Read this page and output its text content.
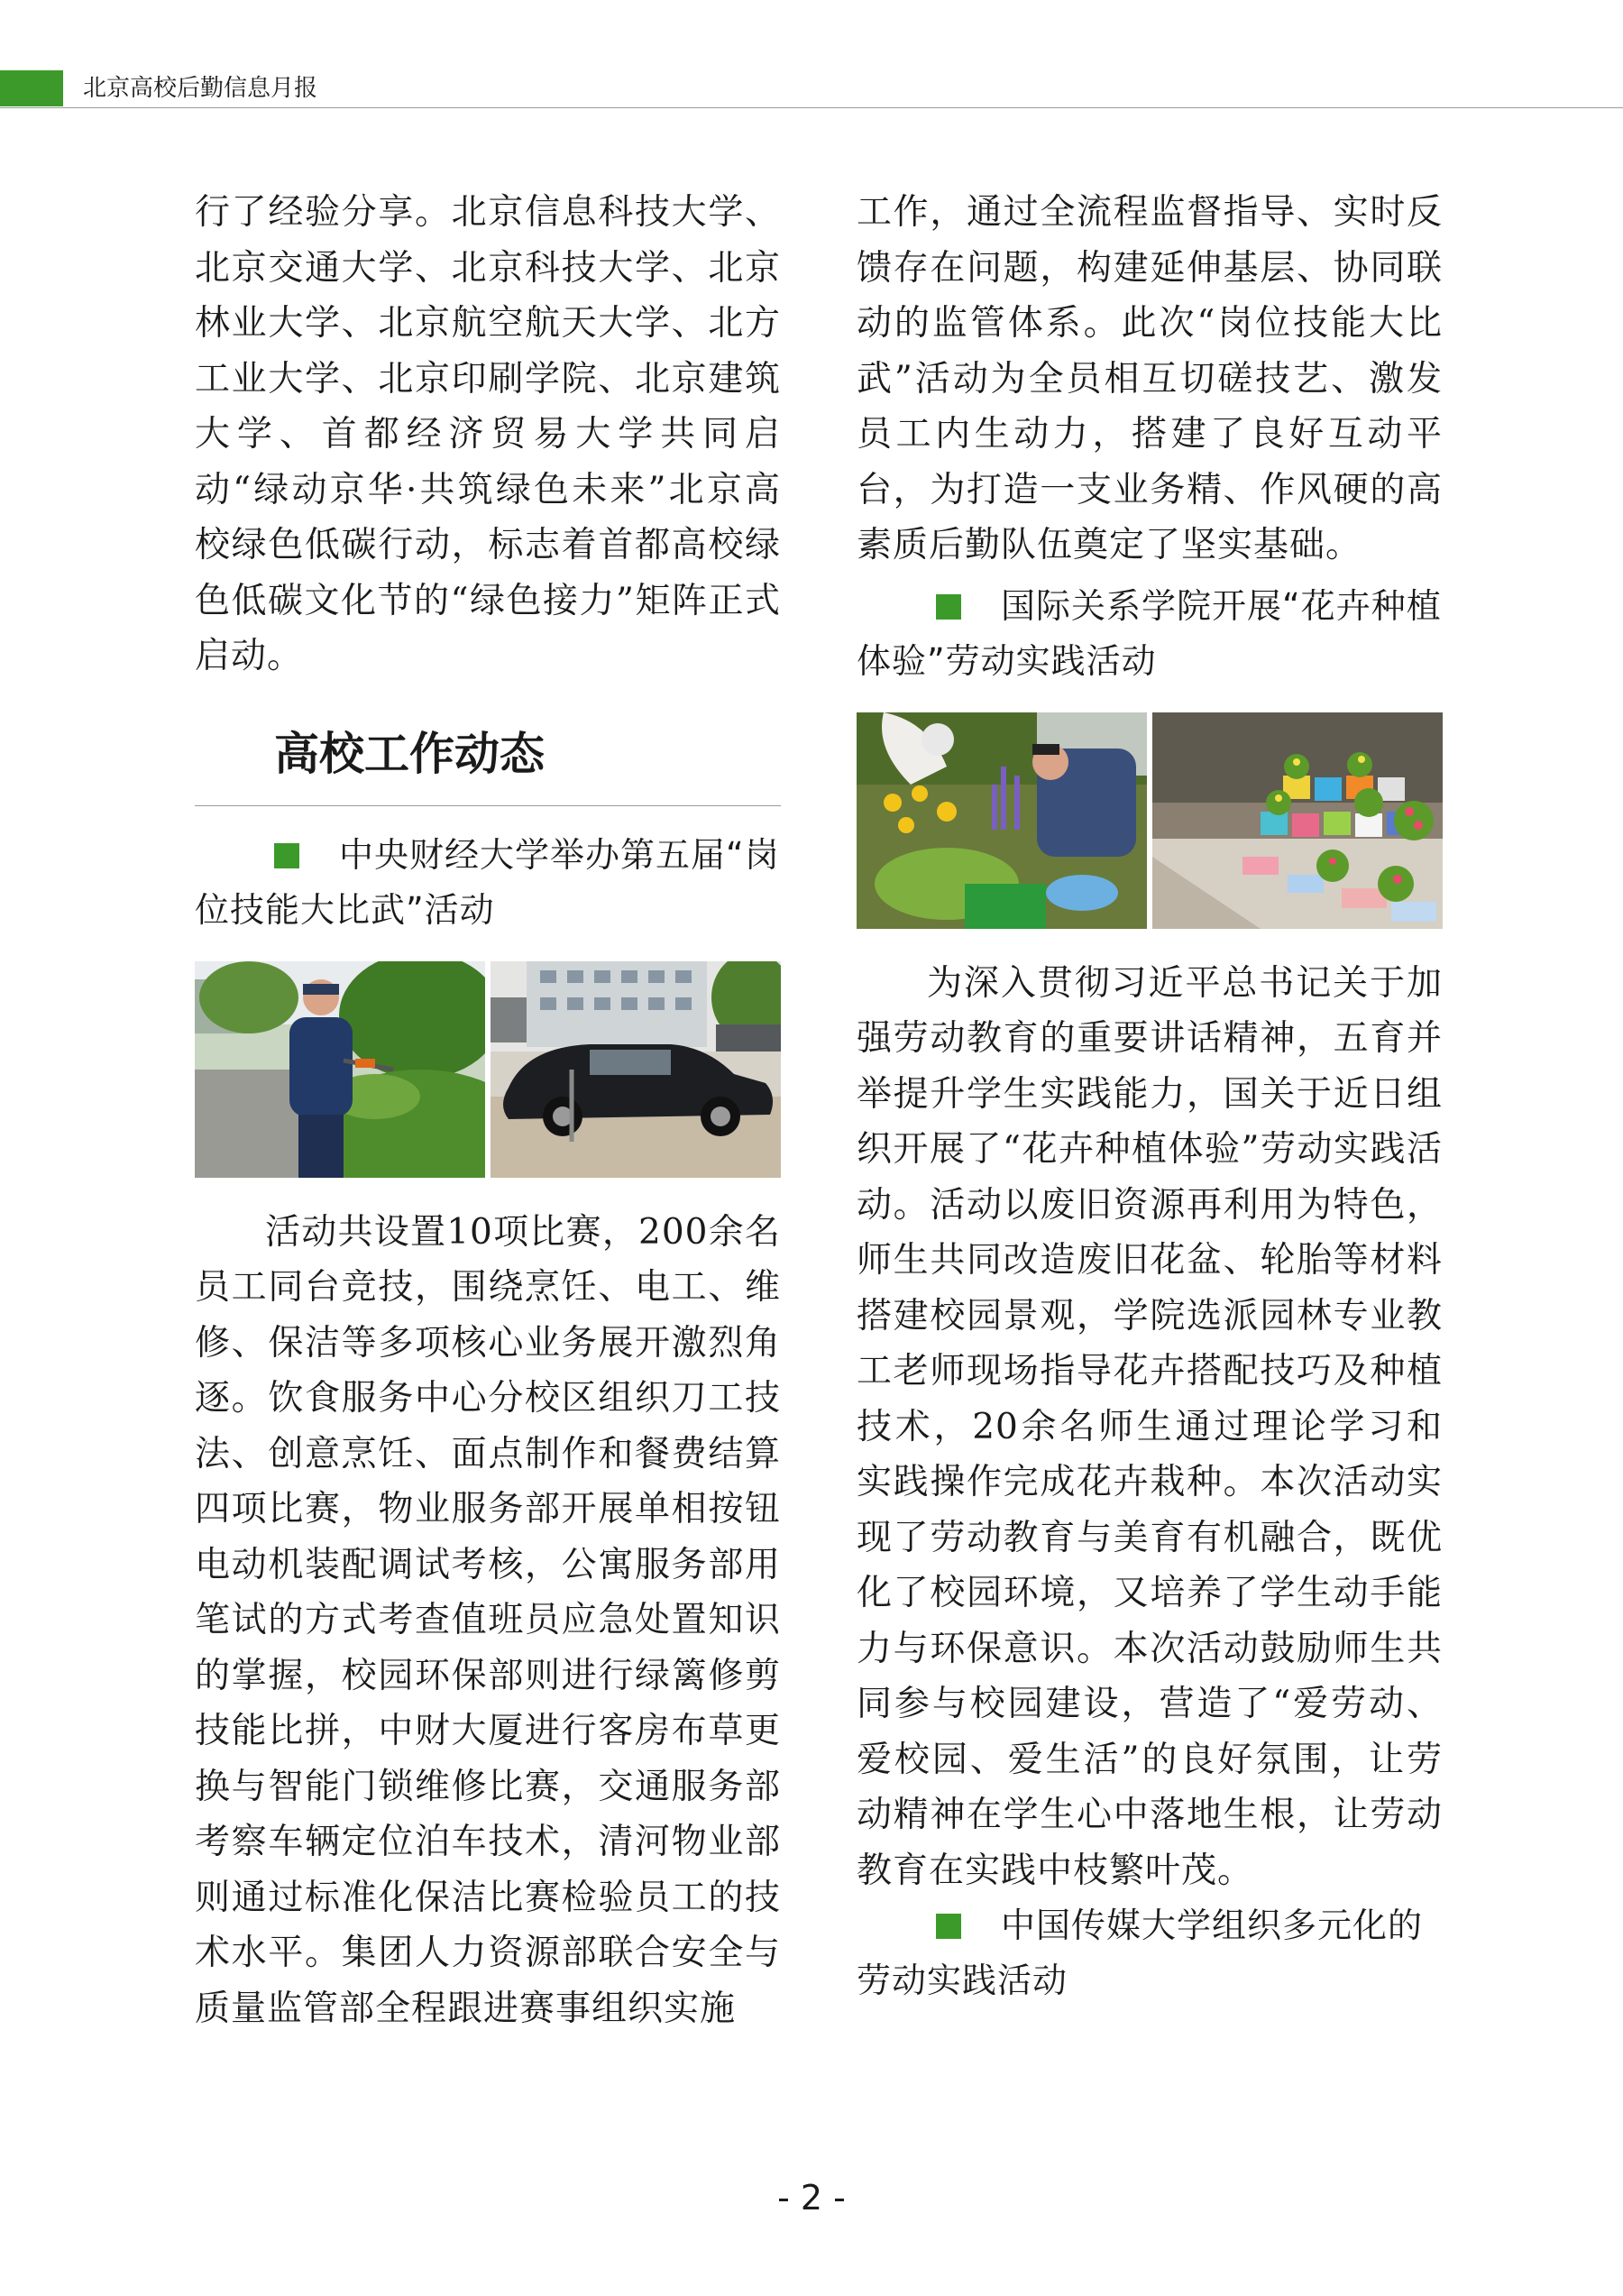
北京高校后勤信息月报

行了经验分享。北京信息科技大学、北京交通大学、北京科技大学、北京林业大学、北京航空航天大学、北方工业大学、北京印刷学院、北京建筑大学、首都经济贸易大学共同启动“绿动京华·共筑绿色未来”北京高校绿色低碳行动，标志着首都高校绿色低碳文化节的“绿色接力”矩阵正式启动。

高校工作动态

中央财经大学举办第五届“岗位技能大比武”活动

活动共设置10项比赛，200余名员工同台竞技，围绕烹饪、电工、维修、保洁等多项核心业务展开激烈角逐。饮食服务中心分校区组织刀工技法、创意烹饪、面点制作和餐费结算四项比赛，物业服务部开展单相按钮电动机装配调试考核，公寓服务部用笔试的方式考查值班员应急处置知识的掌握，校园环保部则进行绿篱修剪技能比拼，中财大厦进行客房布草更换与智能门锁维修比赛，交通服务部考察车辆定位泊车技术，清河物业部则通过标准化保洁比赛检验员工的技术水平。集团人力资源部联合安全与质量监管部全程跟进赛事组织实施

工作，通过全流程监督指导、实时反馈存在问题，构建延伸基层、协同联动的监管体系。此次“岗位技能大比武”活动为全员相互切磋技艺、激发员工内生动力，搭建了良好互动平台，为打造一支业务精、作风硬的高素质后勤队伍奠定了坚实基础。

国际关系学院开展“花卉种植体验”劳动实践活动

为深入贯彻习近平总书记关于加强劳动教育的重要讲话精神，五育并举提升学生实践能力，国关于近日组织开展了“花卉种植体验”劳动实践活动。活动以废旧资源再利用为特色，师生共同改造废旧花盆、轮胎等材料搭建校园景观，学院选派园林专业教工老师现场指导花卉搭配技巧及种植技术，20余名师生通过理论学习和实践操作完成花卉栽种。本次活动实现了劳动教育与美育有机融合，既优化了校园环境，又培养了学生动手能力与环保意识。本次活动鼓励师生共同参与校园建设，营造了“爱劳动、爱校园、爱生活”的良好氛围，让劳动精神在学生心中落地生根，让劳动教育在实践中枝繁叶茂。

中国传媒大学组织多元化的劳动实践活动

- 2 -
